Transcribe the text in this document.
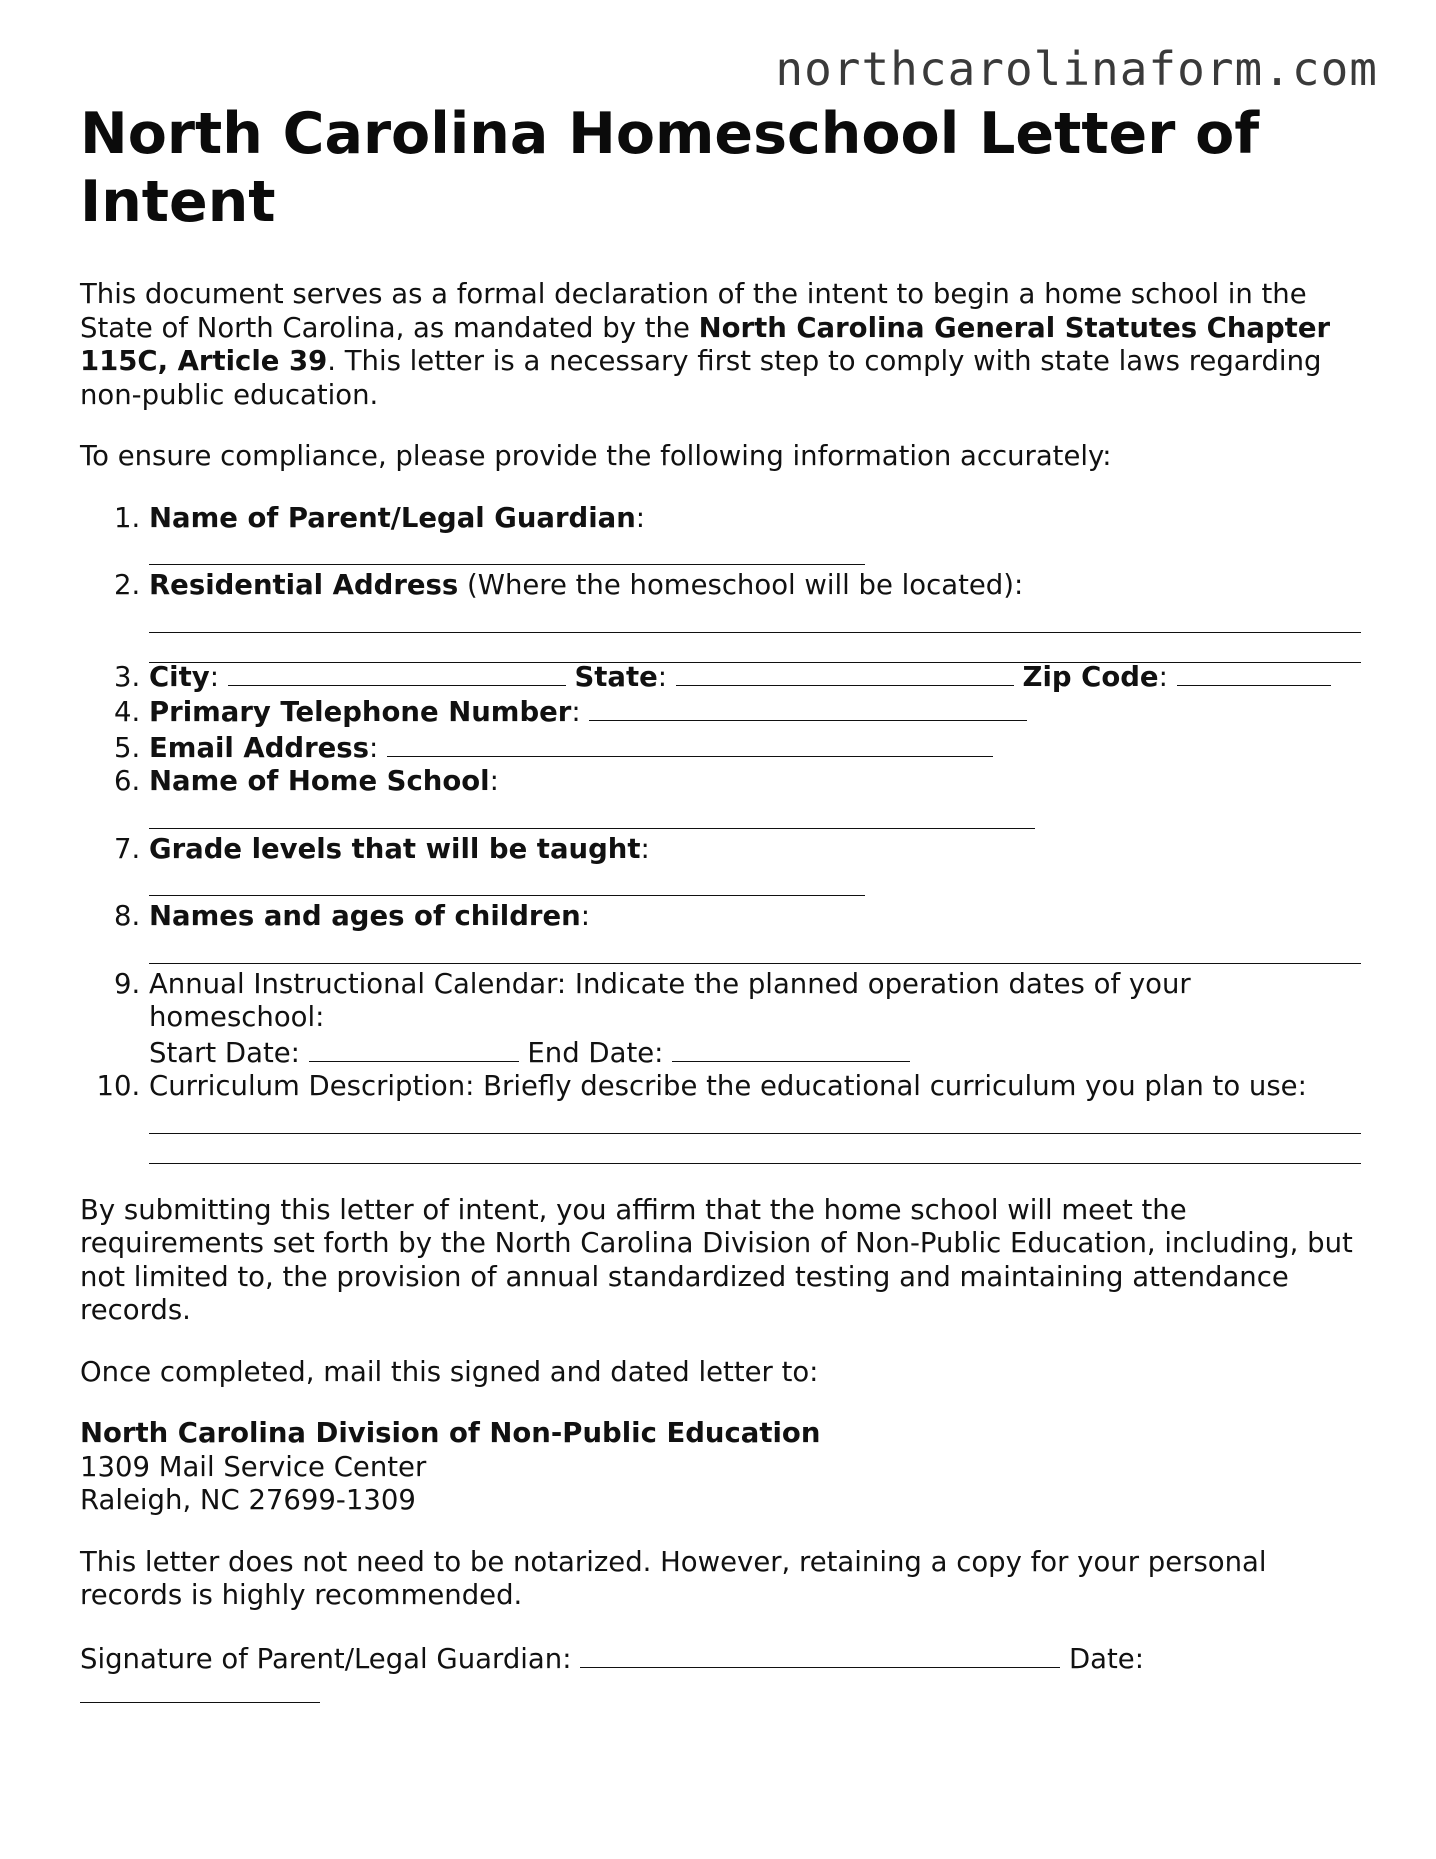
northcarolinaform.com
North Carolina Homeschool Letter of Intent

This document serves as a formal declaration of the intent to begin a home school in the State of North Carolina, as mandated by the North Carolina General Statutes Chapter 115C, Article 39. This letter is a necessary first step to comply with state laws regarding non-public education.

To ensure compliance, please provide the following information accurately:

1. Name of Parent/Legal Guardian:
2. Residential Address (Where the homeschool will be located):
3. City:	State:	Zip Code:
4. Primary Telephone Number:
5. Email Address:
6. Name of Home School:
7. Grade levels that will be taught:
8. Names and ages of children:
9. Annual Instructional Calendar: Indicate the planned operation dates of your homeschool:
Start Date:	End Date:
10. Curriculum Description: Briefly describe the educational curriculum you plan to use:

By submitting this letter of intent, you affirm that the home school will meet the requirements set forth by the North Carolina Division of Non-Public Education, including, but not limited to, the provision of annual standardized testing and maintaining attendance records.

Once completed, mail this signed and dated letter to:

North Carolina Division of Non-Public Education
1309 Mail Service Center
Raleigh, NC 27699-1309

This letter does not need to be notarized. However, retaining a copy for your personal records is highly recommended.

Signature of Parent/Legal Guardian:	Date:
